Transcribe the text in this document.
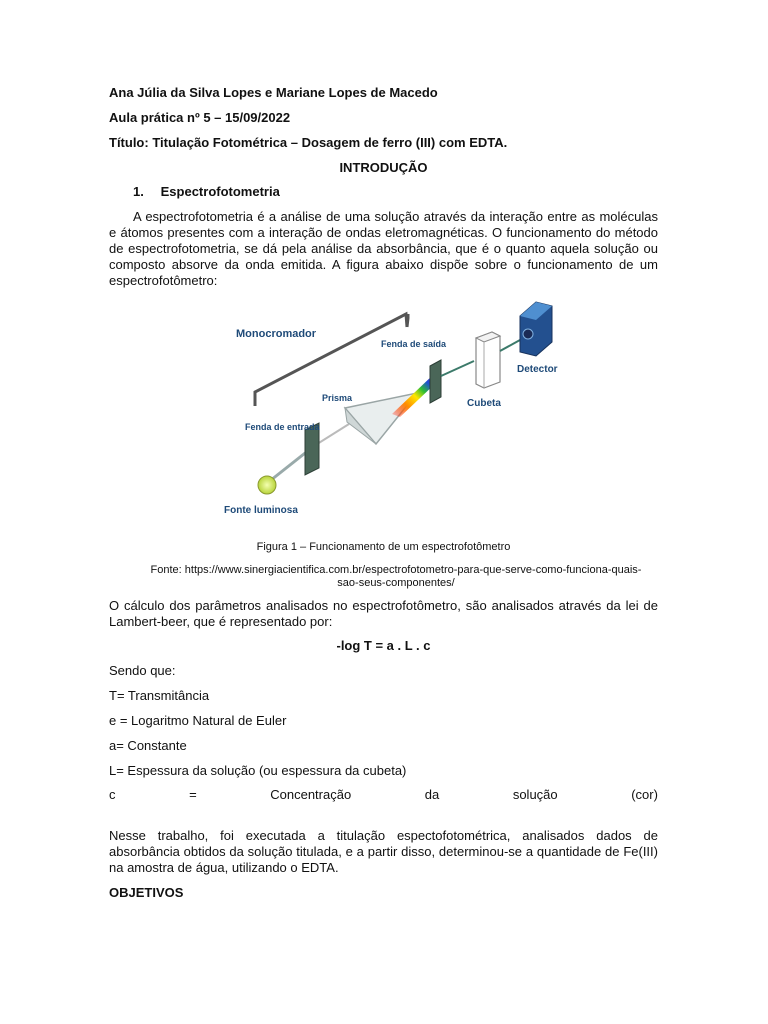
Ana Júlia da Silva Lopes e Mariane Lopes de Macedo
Aula prática nº 5 – 15/09/2022
Título: Titulação Fotométrica – Dosagem de ferro (III) com EDTA.
INTRODUÇÃO
1. Espectrofotometria
A espectrofotometria é a análise de uma solução através da interação entre as moléculas e átomos presentes com a interação de ondas eletromagnéticas. O funcionamento do método de espectrofotometria, se dá pela análise da absorbância, que é o quanto aquela solução ou composto absorve da onda emitida. A figura abaixo dispõe sobre o funcionamento de um espectrofotômetro:
Monocromador
Fenda de saída
Detector
Prisma	Cubeta
Fenda de entrada
Fonte luminosa
Figura 1 – Funcionamento de um espectrofotômetro
Fonte: https://www.sinergiacientifica.com.br/espectrofotometro-para-que-serve-como-funciona-quais-
sao-seus-componentes/
O cálculo dos parâmetros analisados no espectrofotômetro, são analisados através da lei de Lambert-beer, que é representado por:
-log T = a . L . c
Sendo que:
T= Transmitância
e = Logaritmo Natural de Euler
a= Constante
L= Espessura da solução (ou espessura da cubeta)
c	=	Concentração	da	solução	(cor)
Nesse trabalho, foi executada a titulação espectofotométrica, analisados dados de absorbância obtidos da solução titulada, e a partir disso, determinou-se a quantidade de Fe(III) na amostra de água, utilizando o EDTA.
OBJETIVOS
